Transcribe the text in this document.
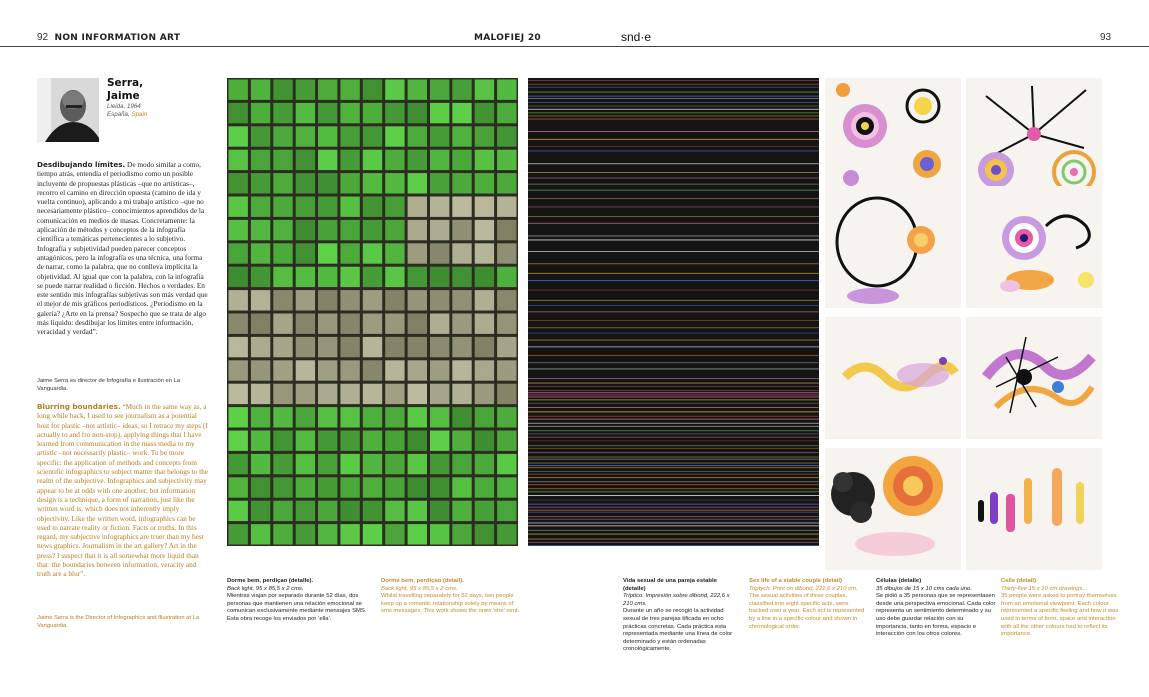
92 NON INFORMATION ART	MALOFIEJ 20	snd·e	93
Serra,
Jaime
Lleida, 1964
España, Spain
Desdibujando límites. De modo similar a como, tiempo atrás, entendía el periodismo como un posible incluyente de propuestas plásticas –que no artísticas–, recorro el camino en dirección opuesta (camino de ida y vuelta continuo), aplicando a mi trabajo artístico –que no necesariamente plástico– conocimientos aprendidos de la comunicación en medios de masas. Concretamente: la aplicación de métodos y conceptos de la infografía científica a temáticas pertenecientes a lo subjetivo. Infografía y subjetividad pueden parecer conceptos antagónicos, pero la infografía es una técnica, una forma de narrar, como la palabra, que no conlleva implícita la objetividad. Al igual que con la palabra, con la infografía se puede narrar realidad o ficción. Hechos o verdades. En este sentido mis infografías subjetivas son más verdad que el mejor de mis gráficos periodísticos. ¿Periodismo en la galería? ¿Arte en la prensa? Sospecho que se trata de algo más líquido: desdibujar los límites entre información, veracidad y verdad”.
Jaime Serra es director de Infografía e Ilustración en La Vanguardia.
Blurring boundaries. “Much in the same way as, a long while back, I used to see journalism as a potential host for plastic –not artistic– ideas, so I retrace my steps (I actually to and fro non-stop), applying things that I have learned from communication in the mass media to my artistic –not necessarily plastic– work. To be more specific: the application of methods and concepts from scientific infographics to subject matter that belongs to the realm of the subjective. Infographics and subjectivity may appear to be at odds with one another, but information design is a technique, a form of narration, just like the written word is, which does not inherently imply objectivity. Like the written word, infographics can be used to narrate reality or fiction. Facts or truths. In this regard, my subjective infographics are truer than my best news graphics. Journalism in the art gallery? Art in the press? I suspect that it is all somewhat more liquid than that: the boundaries between information, veracity and truth are a blur”.
Jaime Serra is the Director of Infographics and Illustration at La Vanguardia.
Dorme bem, perdiçao (detalle).
Back light, 95 x 85,5 x 2 cms.
Mientras viajan por separado durante 52 días, dos personas que mantienen una relación emocional se comunican exclusivamente mediante mensajes SMS. Esta obra recoge los enviados por ‘ella’.
Dorme bem, perdiçao (detail).
Back light, 95 x 85,5 x 2 cms.
Whilst travelling separately for 52 days, two people keep up a romantic relationship solely by means of sms messages. This work shows the ones ‘she’ sent.
Vida sexual de una pareja estable (detalle)
Tríptico. Impresión sobre dibond, 222,6 x 210 cms.
Durante un año se recogió la actividad sexual de tres parejas tificada en ocho prácticas concretas. Cada práctica esta representada mediante una línea de color determinado y están ordenadas cronológicamente.
Sex life of a stable couple (detail)
Triptych. Print on dibond, 222,6 x 210 cm.
The sexual activities of three couples, classified into eight specific acts, were tracked over a year. Each act is represented by a line in a specific colour and shown in chronological order.
Células (detalle)
35 dibujos de 15 x 10 cms cada uno.
Se pidió a 35 personas que se representasen desde una perspectiva emocional. Cada color representa un sentimiento determinado y su uso debe guardar relación con su importancia, tanto en forma, espacio e interacción con los otros colores.
Cells (detail)
Thirty-five 15 x 10 cm drawings...
35 people were asked to portray themselves from an emotional viewpoint. Each colour represented a specific feeling and how it was used in terms of form, space and interaction with all the other colours had to reflect its importance.
